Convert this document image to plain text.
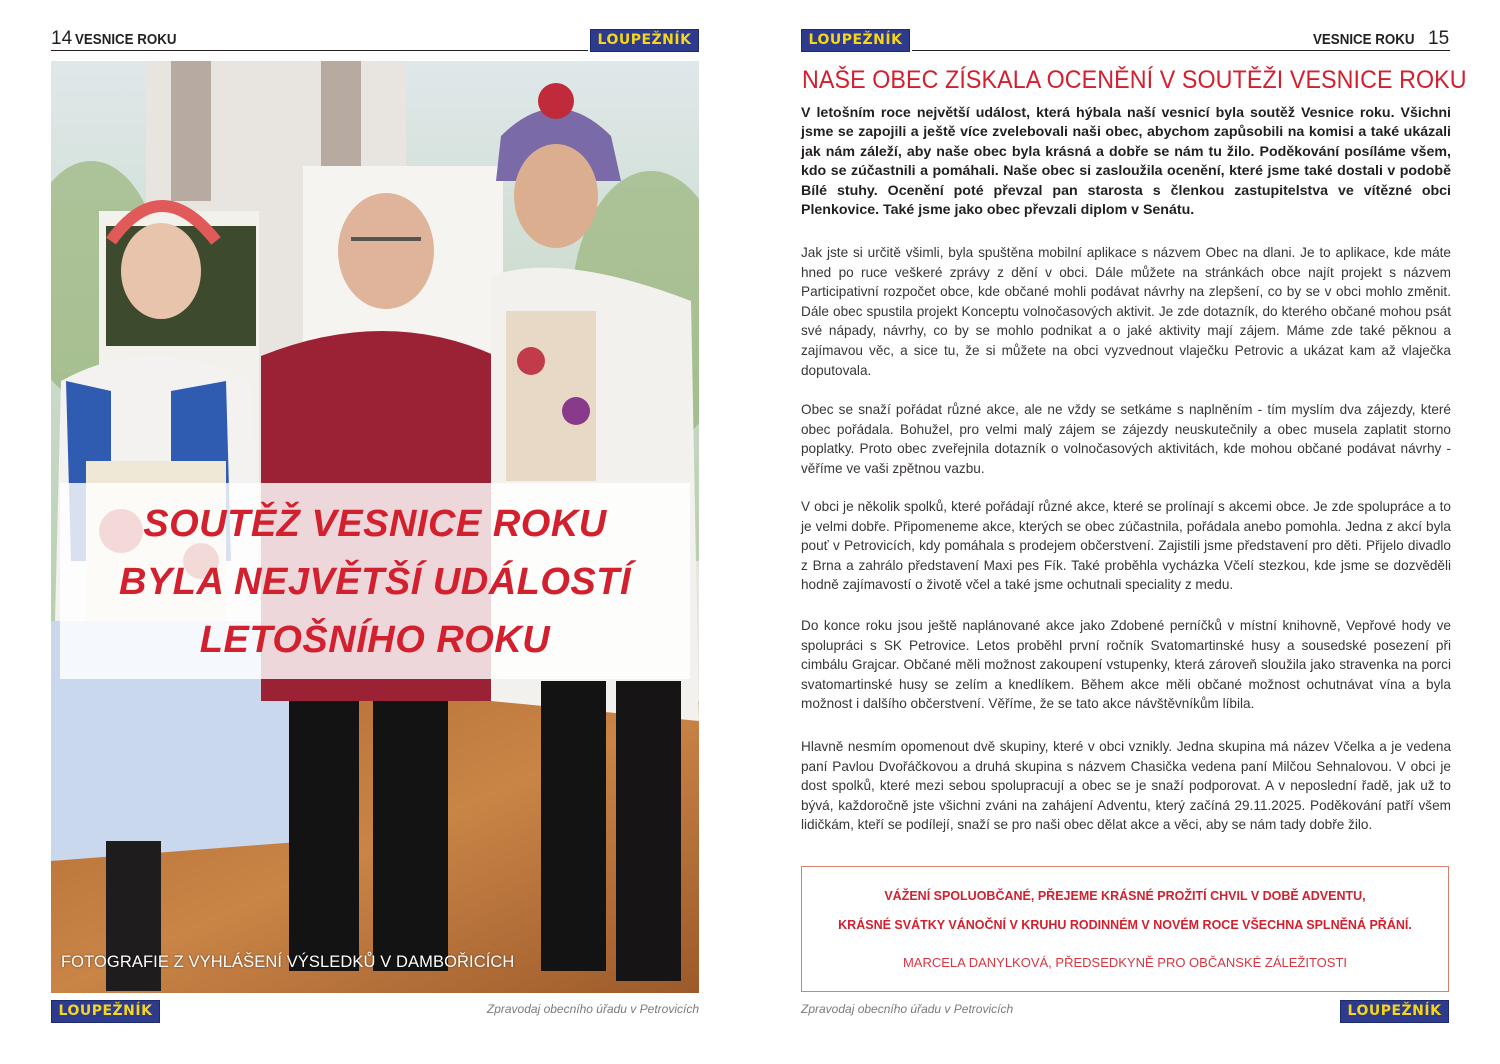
14 VESNICE ROKU	LOUPEŽNÍK
SOUTĚŽ VESNICE ROKU
BYLA NEJVĚTŠÍ UDÁLOSTÍ
LETOŠNÍHO ROKU
FOTOGRAFIE Z VYHLÁŠENÍ VÝSLEDKŮ V DAMBOŘICÍCH
LOUPEŽNÍK	Zpravodaj obecního úřadu v Petrovicích
LOUPEŽNÍK	VESNICE ROKU 15
NAŠE OBEC ZÍSKALA OCENĚNÍ V SOUTĚŽI VESNICE ROKU
V letošním roce největší událost, která hýbala naší vesnicí byla soutěž Vesnice roku. Všichni jsme se zapojili a ještě více zvelebovali naši obec, abychom zapůsobili na komisi a také ukázali jak nám záleží, aby naše obec byla krásná a dobře se nám tu žilo. Poděkování posíláme všem, kdo se zúčastnili a pomáhali. Naše obec si zasloužila ocenění, které jsme také dostali v podobě Bílé stuhy. Ocenění poté převzal pan starosta s členkou zastupitelstva ve vítězné obci Plenkovice. Také jsme jako obec převzali diplom v Senátu.
Jak jste si určitě všimli, byla spuštěna mobilní aplikace s názvem Obec na dlani. Je to aplikace, kde máte hned po ruce veškeré zprávy z dění v obci. Dále můžete na stránkách obce najít projekt s názvem Participativní rozpočet obce, kde občané mohli podávat návrhy na zlepšení, co by se v obci mohlo změnit. Dále obec spustila projekt Konceptu volnočasových aktivit. Je zde dotazník, do kterého občané mohou psát své nápady, návrhy, co by se mohlo podnikat a o jaké aktivity mají zájem. Máme zde také pěknou a zajímavou věc, a sice tu, že si můžete na obci vyzvednout vlaječku Petrovic a ukázat kam až vlaječka doputovala.
Obec se snaží pořádat různé akce, ale ne vždy se setkáme s naplněním - tím myslím dva zájezdy, které obec pořádala. Bohužel, pro velmi malý zájem se zájezdy neuskutečnily a obec musela zaplatit storno poplatky. Proto obec zveřejnila dotazník o volnočasových aktivitách, kde mohou občané podávat návrhy - věříme ve vaši zpětnou vazbu.
V obci je několik spolků, které pořádají různé akce, které se prolínají s akcemi obce. Je zde spolupráce a to je velmi dobře. Připomeneme akce, kterých se obec zúčastnila, pořádala anebo pomohla. Jedna z akcí byla pouť v Petrovicích, kdy pomáhala s prodejem občerstvení. Zajistili jsme představení pro děti. Přijelo divadlo z Brna a zahrálo představení Maxi pes Fík. Také proběhla vycházka Včelí stezkou, kde jsme se dozvěděli hodně zajímavostí o životě včel a také jsme ochutnali speciality z medu.
Do konce roku jsou ještě naplánované akce jako Zdobené perníčků v místní knihovně, Vepřové hody ve spolupráci s SK Petrovice. Letos proběhl první ročník Svatomartinské husy a sousedské posezení při cimbálu Grajcar. Občané měli možnost zakoupení vstupenky, která zároveň sloužila jako stravenka na porci svatomartinské husy se zelím a knedlíkem. Během akce měli občané možnost ochutnávat vína a byla možnost i dalšího občerstvení. Věříme, že se tato akce návštěvníkům líbila.
Hlavně nesmím opomenout dvě skupiny, které v obci vznikly. Jedna skupina má název Včelka a je vedena paní Pavlou Dvořáčkovou a druhá skupina s názvem Chasička vedena paní Milčou Sehnalovou. V obci je dost spolků, které mezi sebou spolupracují a obec se je snaží podporovat. A v neposlední řadě, jak už to bývá, každoročně jste všichni zváni na zahájení Adventu, který začíná 29.11.2025. Poděkování patří všem lidičkám, kteří se podílejí, snaží se pro naši obec dělat akce a věci, aby se nám tady dobře žilo.
VÁŽENÍ SPOLUOBČANÉ, PŘEJEME KRÁSNÉ PROŽITÍ CHVIL V DOBĚ ADVENTU,
KRÁSNÉ SVÁTKY VÁNOČNÍ V KRUHU RODINNÉM V NOVÉM ROCE VŠECHNA SPLNĚNÁ PŘÁNÍ.
MARCELA DANYLKOVÁ, PŘEDSEDKYNĚ PRO OBČANSKÉ ZÁLEŽITOSTI
Zpravodaj obecního úřadu v Petrovicích	LOUPEŽNÍK
